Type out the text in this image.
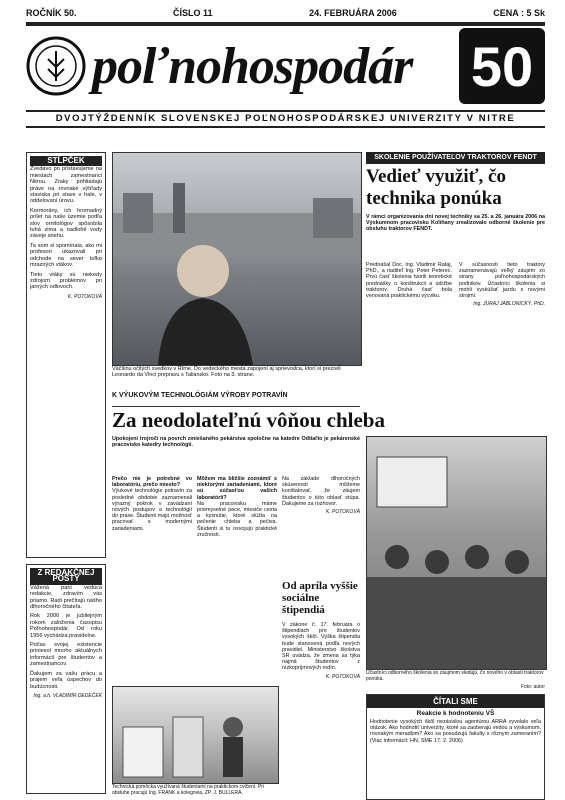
ROČNÍK 50.	ČÍSLO 11	24. FEBRUÁRA 2006	CENA : 5 Sk
poľnohospodár 50
DVOJTÝŽDENNÍK SLOVENSKEJ POĽNOHOSPODÁRSKEJ UNIVERZITY V NITRE
STĹPČEK

Zvedavo po pristavujeme na miestach zamestnanci Nitrou. Zraky prihliadajú práve na rovnaké výhľady staviska pri stave v hale, v oddelovaní úrovu.

Kormorány, ich hromadný prílet na naše územie podľa slov ornitológov spôsobila tuhá zima a nadlohé vody záveje snehu.

Ta som si spomínala, ako mi profesori ukazovali pri odchode na sever toľko mrazných vtákov.

Tieto vtáky sú niekedy zdrojom problémov pri jarných odlovoch.

K. POTOKOVÁ
Z REDAKČNEJ POŠTY

Vážená pani vedúca redakcie, zdravím vás priamo. Radi prečítajú nášho dlhoročného čitateľa.

Rok 2006 je jubilejným rokom založenia časopisu Poľnohospodár. Od roku 1956 vychádza pravidelne.

Počas svojej existencie priniesol mnoho aktuálnych informácií pre študentov a zamestnancov.

Ďakujem za vašu prácu a prajem veľa úspechov do budúcnosti.

Ing. a.h. VLADIMÍR DEDEČEK
Väčšinu očitých svedkov v Ríme. Do vedeckého mesta zapojení aj sprievodca, ktorí si prezreli Leonardo da Vinci prepravu s Taliansko. Foto na 3. strane.
K VÝUKOVÝM TECHNOLÓGIÁM VÝROBY POTRAVÍN
Za neodolateľnú vôňou chleba
Upokojení trojročí na povrch zmiešaného pekárstva spoločne na katedre Odtiaľto je pekárenské pracovisko katedry technológií.
Prečo nie je potrebné vo laboratóriu, prečo miesto?
Výukové technológie potravín za posledné obdobie zaznamenali výrazný pokrok v zavádzaní nových postupov a technológií do praxe. Študenti majú možnosť pracovať s modernými zariadeniami.
Môžem ma bližšie zoznámiť s niektorými zariadeniami, ktoré sú súčasťou vašich laboratórií?
Na pracovisku máme priemyselné pece, miesiče cesta a kysnutie, ktoré slúžia na pečenie chleba a pečiva. Študenti si tu osvojujú praktické zručnosti.
Na základe dlhoročných skúseností môžeme konštatovať, že záujem študentov o túto oblasť stúpa. Ďakujeme za rozhovor.
K. POTOKOVÁ
Technická pomôcka využívaná študentami na praktickom cvičení. Pri obsluhe pracujú Ing. FRANK a kolegovia, ZP. J. BULLERA.
Od apríla vyššie sociálne štipendiá
V zákone č. 17. februára o štipendiách pre študentov vysokých škôl. Výška štipendia bude stanovená podľa nových pravidiel. Ministerstvo školstva SR uvádza, že zmena sa týka najmä študentov z nízkopríjmových rodín.
K. POTOKOVÁ
SKOLENIE POUŽÍVATEĽOV TRAKTOROV FENDT
Vedieť využiť, čo technika ponúka
V rámci organizovania dní novej techniky sa 25. a 26. januára 2006 na Výskumnom pracovisku Kolíňany zrealizovalo odborné školenie pre obsluhu traktorov FENDT.
Prednášal Doc. Ing. Vladimír Rataj, PhD., a riaditeľ Ing. Peter Peterec. Prvú časť školenia tvorili teoretické prednášky o konštrukcii a údržbe traktorov. Druhá časť bola venovaná praktickému výcviku.
V súčasnosti tieto traktory zaznamenávajú veľký záujem zo strany poľnohospodárskych podnikov. Účastníci školenia si mohli vyskúšať jazdu s novými strojmi.
Ing. JURAJ JABLONICKÝ, PhD.
Účastníci odborného školenia so záujmom sledujú, čo nového v oblasti traktorov ponúka.
Foto: autor
ČÍTALI SME
Reakcie k hodnoteniu VŠ
Hodnotenie vysokých škôl nezávislou agentúrou ARRA vyvolalo veľa otázok. Ako hodnotiť univerzity, ktoré sa zaoberajú vedou a výskumom, rovnakým meradlom? Ako sa posudzujú fakulty s rôznym zameraním? (Viac informácií: HN, SME 17. 2. 2006)
